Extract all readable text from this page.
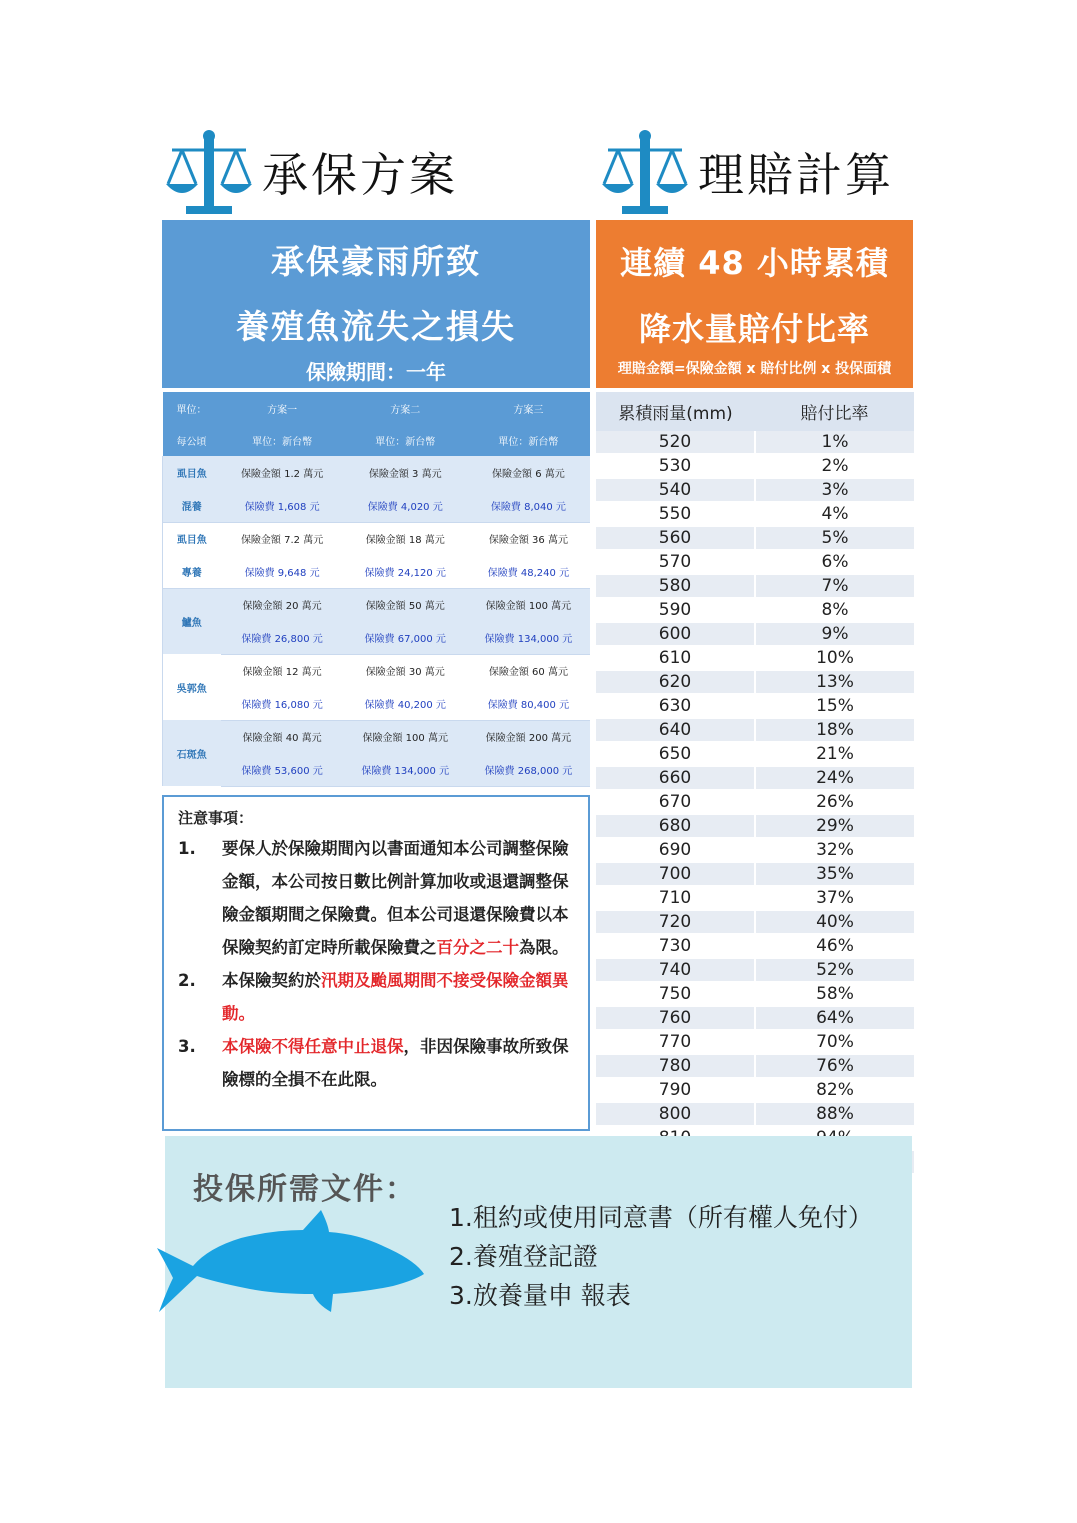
承保方案	理賠計算
承保豪雨所致
養殖魚流失之損失
保險期間：一年
連續 48 小時累積
降水量賠付比率
理賠金額=保險金額 x 賠付比例 x 投保面積
單位：	方案一	方案二	方案三
每公頃	單位：新台幣	單位：新台幣	單位：新台幣
虱目魚	保險金額 1.2 萬元	保險金額 3 萬元	保險金額 6 萬元
混養	保險費 1,608 元	保險費 4,020 元	保險費 8,040 元
虱目魚	保險金額 7.2 萬元	保險金額 18 萬元	保險金額 36 萬元
專養	保險費 9,648 元	保險費 24,120 元	保險費 48,240 元
鱸魚	保險金額 20 萬元	保險金額 50 萬元	保險金額 100 萬元
	保險費 26,800 元	保險費 67,000 元	保險費 134,000 元
吳郭魚	保險金額 12 萬元	保險金額 30 萬元	保險金額 60 萬元
	保險費 16,080 元	保險費 40,200 元	保險費 80,400 元
石斑魚	保險金額 40 萬元	保險金額 100 萬元	保險金額 200 萬元
	保險費 53,600 元	保險費 134,000 元	保險費 268,000 元
注意事項：
1.	要保人於保險期間內以書面通知本公司調整保險金額，本公司按日數比例計算加收或退還調整保險金額期間之保險費。但本公司退還保險費以本保險契約訂定時所載保險費之百分之二十為限。
2.	本保險契約於汛期及颱風期間不接受保險金額異動。
3.	本保險不得任意中止退保，非因保險事故所致保險標的全損不在此限。
累積雨量(mm)	賠付比率
520	1%
530	2%
540	3%
550	4%
560	5%
570	6%
580	7%
590	8%
600	9%
610	10%
620	13%
630	15%
640	18%
650	21%
660	24%
670	26%
680	29%
690	32%
700	35%
710	37%
720	40%
730	46%
740	52%
750	58%
760	64%
770	70%
780	76%
790	82%
800	88%

投保所需文件：
1.租約或使用同意書（所有權人免付）
2.養殖登記證
3.放養量申 報表
